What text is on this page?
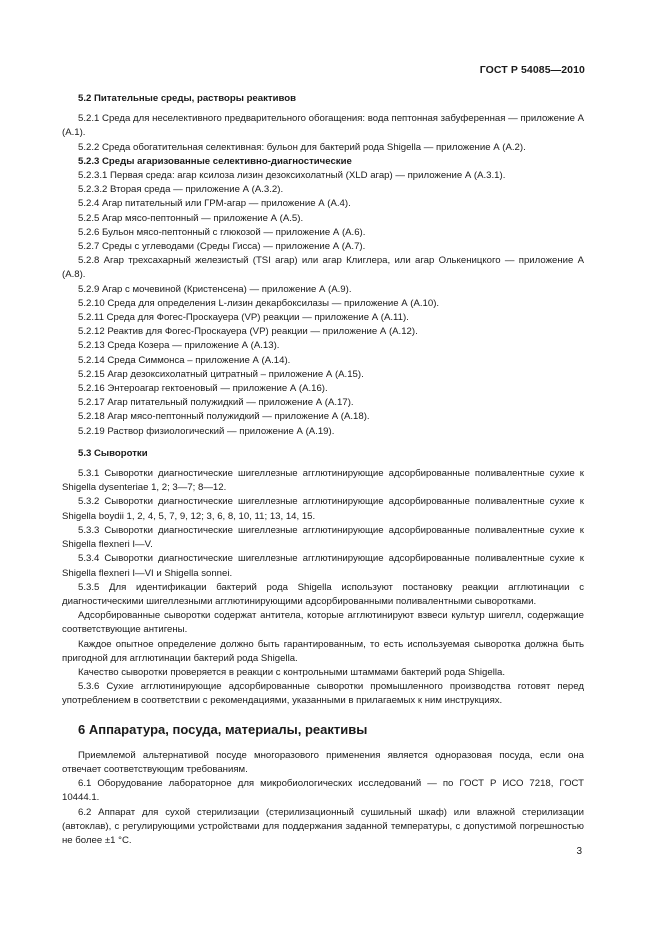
ГОСТ Р 54085—2010
5.2 Питательные среды, растворы реактивов
5.2.1 Среда для неселективного предварительного обогащения: вода пептонная забуференная — приложение А (А.1).
5.2.2 Среда обогатительная селективная: бульон для бактерий рода Shigella — приложение А (А.2).
5.2.3 Среды агаризованные селективно-диагностические
5.2.3.1 Первая среда: агар ксилоза лизин дезоксихолатный (XLD агар) — приложение А (А.3.1).
5.2.3.2 Вторая среда — приложение А (А.3.2).
5.2.4 Агар питательный или ГРМ-агар — приложение А (А.4).
5.2.5 Агар мясо-пептонный — приложение А (А.5).
5.2.6 Бульон мясо-пептонный с глюкозой — приложение А (А.6).
5.2.7 Среды с углеводами (Среды Гисса) — приложение А (А.7).
5.2.8 Агар трехсахарный железистый (TSI агар) или агар Клиглера, или агар Олькеницкого — приложение А (А.8).
5.2.9 Агар с мочевиной (Кристенсена) — приложение А (А.9).
5.2.10 Среда для определения L-лизин декарбоксилазы — приложение А (А.10).
5.2.11 Среда для Фогес-Проскауера (VP) реакции — приложение А (А.11).
5.2.12 Реактив для Фогес-Проскауера (VP) реакции — приложение А (А.12).
5.2.13 Среда Козера — приложение А (А.13).
5.2.14 Среда Симмонса – приложение А (А.14).
5.2.15 Агар дезоксихолатный цитратный – приложение А (А.15).
5.2.16 Энтероагар гектоеновый — приложение А (А.16).
5.2.17 Агар питательный полужидкий — приложение А (А.17).
5.2.18 Агар мясо-пептонный полужидкий — приложение А (А.18).
5.2.19 Раствор физиологический — приложение А (А.19).
5.3 Сыворотки
5.3.1 Сыворотки диагностические шигеллезные агглютинирующие адсорбированные поливалентные сухие к Shigella dysenteriae 1, 2; 3—7; 8—12.
5.3.2 Сыворотки диагностические шигеллезные агглютинирующие адсорбированные поливалентные сухие к Shigella boydii 1, 2, 4, 5, 7, 9, 12; 3, 6, 8, 10, 11; 13, 14, 15.
5.3.3 Сыворотки диагностические шигеллезные агглютинирующие адсорбированные поливалентные сухие к Shigella flexneri I—V.
5.3.4 Сыворотки диагностические шигеллезные агглютинирующие адсорбированные поливалентные сухие к Shigella flexneri I—VI и Shigella sonnei.
5.3.5 Для идентификации бактерий рода Shigella используют постановку реакции агглютинации с диагностическими шигеллезными агглютинирующими адсорбированными поливалентными сыворотками.
Адсорбированные сыворотки содержат антитела, которые агглютинируют взвеси культур шигелл, содержащие соответствующие антигены.
Каждое опытное определение должно быть гарантированным, то есть используемая сыворотка должна быть пригодной для агглютинации бактерий рода Shigella.
Качество сыворотки проверяется в реакции с контрольными штаммами бактерий рода Shigella.
5.3.6 Сухие агглютинирующие адсорбированные сыворотки промышленного производства готовят перед употреблением в соответствии с рекомендациями, указанными в прилагаемых к ним инструкциях.
6 Аппаратура, посуда, материалы, реактивы
Приемлемой альтернативой посуде многоразового применения является одноразовая посуда, если она отвечает соответствующим требованиям.
6.1 Оборудование лабораторное для микробиологических исследований — по ГОСТ Р ИСО 7218, ГОСТ 10444.1.
6.2 Аппарат для сухой стерилизации (стерилизационный сушильный шкаф) или влажной стерилизации (автоклав), с регулирующими устройствами для поддержания заданной температуры, с допустимой погрешностью не более ±1 °С.
3
